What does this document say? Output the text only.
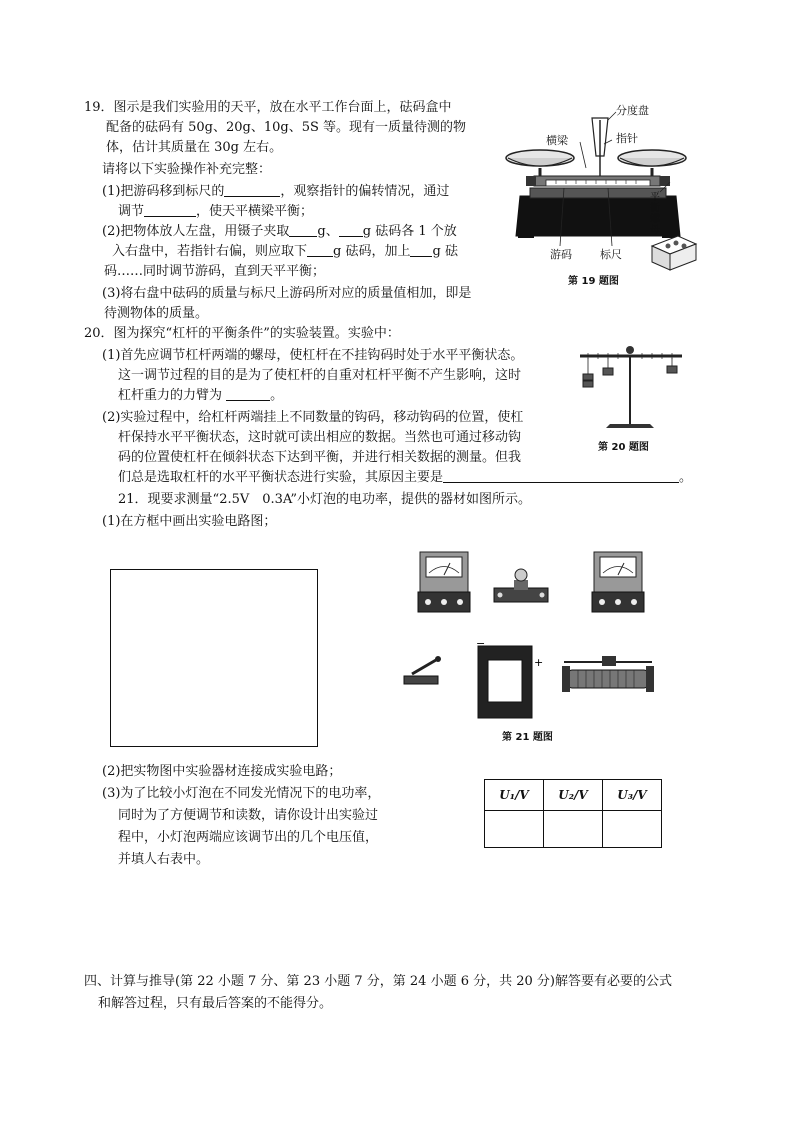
19．图示是我们实验用的天平，放在水平工作台面上，砝码盒中
配备的砝码有 50g、20g、10g、5S 等。现有一质量待测的物
体，估计其质量在 30g 左右。
请将以下实验操作补充完整：
(1)把游码移到标尺的	，观察指针的偏转情况，通过
调节	，使天平横梁平衡；
(2)把物体放人左盘，用镊子夹取 g、 g 砝码各 1 个放
入右盘中，若指针右偏，则应取下 g 砝码，加上 g 砝
码……同时调节游码，直到天平平衡；
(3)将右盘中砝码的质量与标尺上游码所对应的质量值相加，即是
待测物体的质量。
分度盘
指针
横梁
平衡螺母
游码	标尺
第 19 题图
20．图为探究“杠杆的平衡条件”的实验装置。实验中：
(1)首先应调节杠杆两端的螺母，使杠杆在不挂钩码时处于水平平衡状态。
这一调节过程的目的是为了使杠杆的自重对杠杆平衡不产生影响，这时
杠杆重力的力臂为	。
(2)实验过程中，给杠杆两端挂上不同数量的钩码，移动钩码的位置，使杠
杆保持水平平衡状态，这时就可读出相应的数据。当然也可通过移动钩
码的位置使杠杆在倾斜状态下达到平衡，并进行相关数据的测量。但我
们总是选取杠杆的水平平衡状态进行实验，其原因主要是	。
第 20 题图
21．现要求测量“2.5V　0.3A”小灯泡的电功率，提供的器材如图所示。
(1)在方框中画出实验电路图；
−
+
第 21 题图
(2)把实物图中实验器材连接成实验电路；
(3)为了比较小灯泡在不同发光情况下的电功率，
同时为了方便调节和读数，请你设计出实验过
程中，小灯泡两端应该调节出的几个电压值，
并填人右表中。
U₁/V	U₂/V	U₃/V

四、计算与推导(第 22 小题 7 分、第 23 小题 7 分，第 24 小题 6 分，共 20 分)解答要有必要的公式
和解答过程，只有最后答案的不能得分。
